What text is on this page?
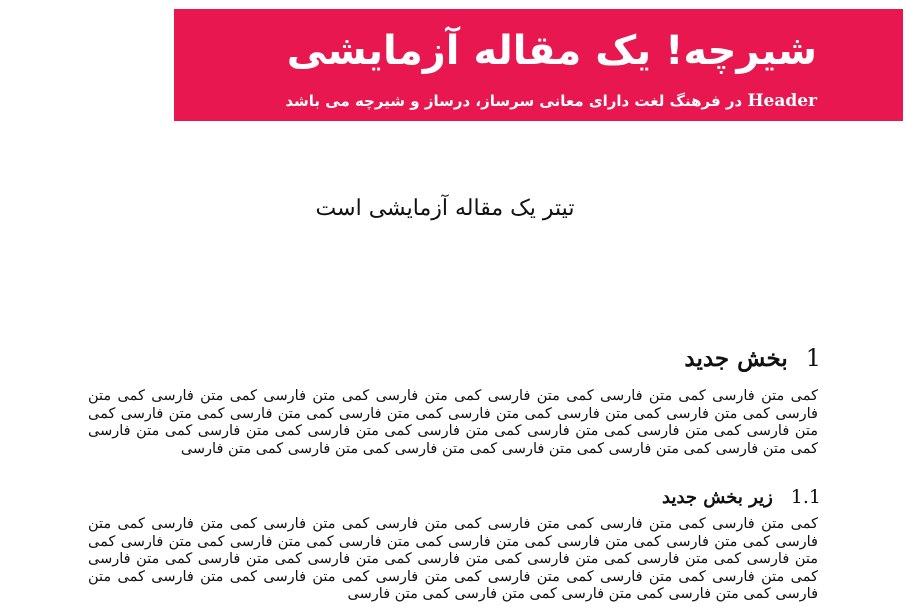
شیرچه! یک مقاله آزمایشی
Header در فرهنگ لغت دارای معانی سرساز، درساز و شیرچه می باشد
تیتر یک مقاله آزمایشی است
1
بخش جدید
کمی متن فارسی کمی متن فارسی کمی متن فارسی کمی متن فارسی کمی متن فارسی کمی متن فارسی کمی متن فارسی کمی متن فارسی کمی متن فارسی کمی متن فارسی کمی متن فارسی کمی متن فارسی کمی متن فارسی کمی متن فارسی کمی متن فارسی کمی متن فارسی کمی متن فارسی کمی متن فارسی کمی متن فارسی کمی متن فارسی کمی متن فارسی کمی متن فارسی کمی متن فارسی کمی متن فارسی کمی متن فارسی کمی متن فارسی
1.1
زیر بخش جدید
کمی متن فارسی کمی متن فارسی کمی متن فارسی کمی متن فارسی کمی متن فارسی کمی متن فارسی کمی متن فارسی کمی متن فارسی کمی متن فارسی کمی متن فارسی کمی متن فارسی کمی متن فارسی کمی متن فارسی کمی متن فارسی کمی متن فارسی کمی متن فارسی کمی متن فارسی کمی متن فارسی کمی متن فارسی کمی متن فارسی کمی متن فارسی کمی متن فارسی کمی متن فارسی کمی متن فارسی کمی متن فارسی کمی متن فارسی کمی متن فارسی کمی متن فارسی کمی متن فارسی کمی متن فارسی کمی متن فارسی
